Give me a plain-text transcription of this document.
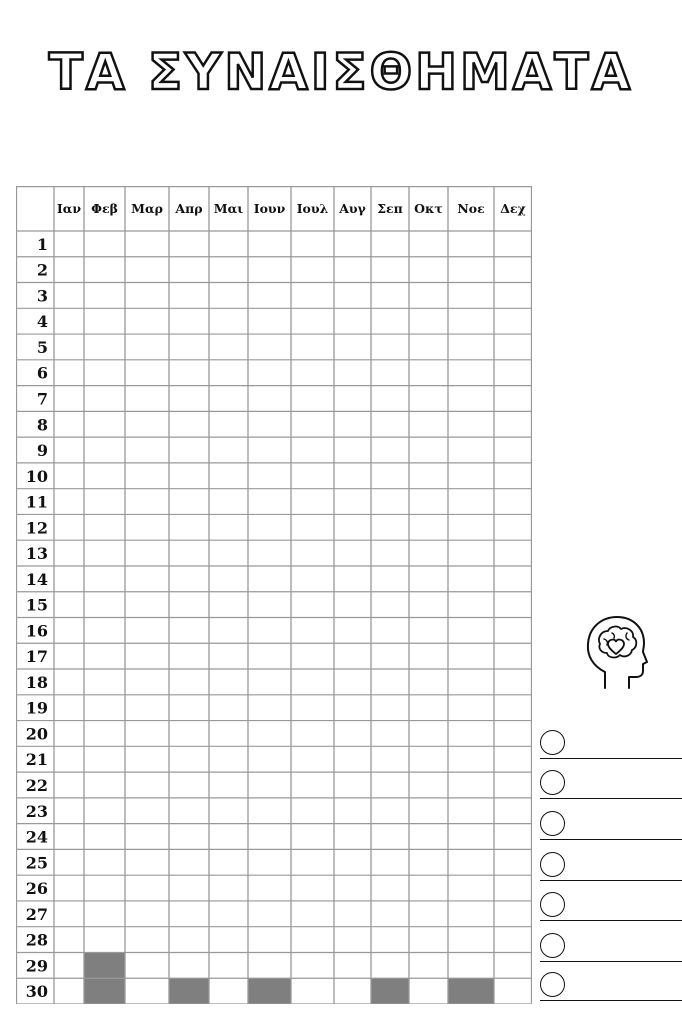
ΤΑ ΣΥΝΑΙΣΘΗΜΑΤΑ
Ιαν Φεβ Μαρ Απρ Μαι Ιουν Ιουλ Αυγ Σεπ Οκτ Νοε Δεχ
1
2
3
4
5
6
7
8
9
10
11
12
13
14
15
16
17
18
19
20
21
22
23
24
25
26
27
28
29
30
